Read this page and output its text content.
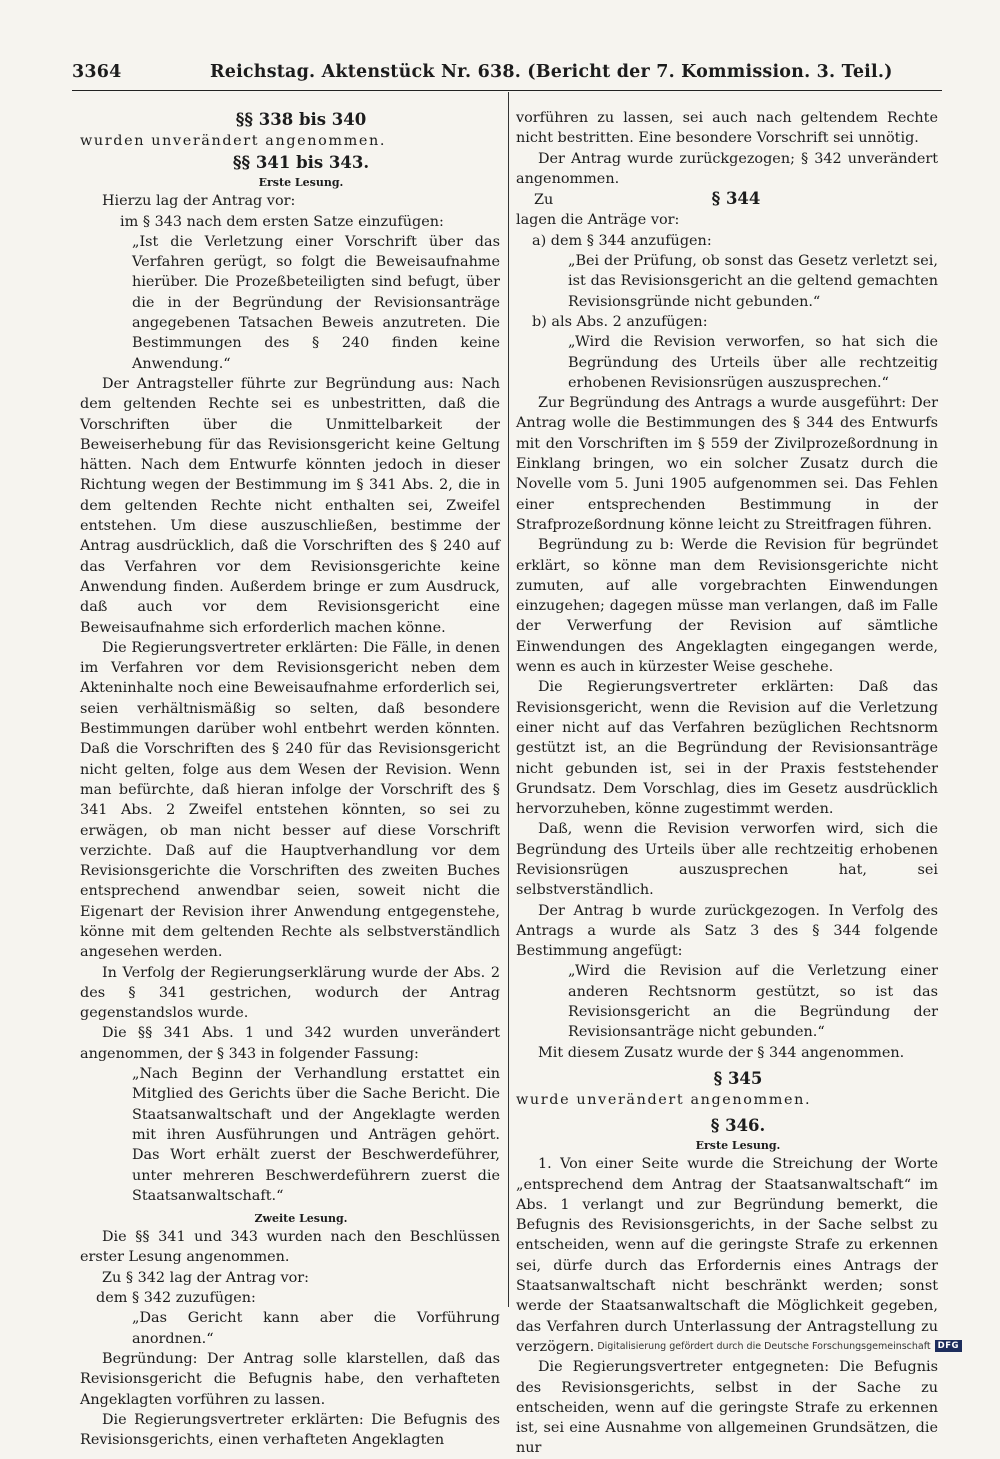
3364	Reichstag. Aktenstück Nr. 638. (Bericht der 7. Kommission. 3. Teil.)

§§ 338 bis 340

wurden unverändert angenommen.

§§ 341 bis 343.

Erste Lesung.

Hierzu lag der Antrag vor:

im § 343 nach dem ersten Satze einzufügen:

„Ist die Verletzung einer Vorschrift über das Verfahren gerügt, so folgt die Beweisaufnahme hierüber. Die Prozeßbeteiligten sind befugt, über die in der Begründung der Revisionsanträge angegebenen Tatsachen Beweis anzutreten. Die Bestimmungen des § 240 finden keine Anwendung.“

Der Antragsteller führte zur Begründung aus: Nach dem geltenden Rechte sei es unbestritten, daß die Vorschriften über die Unmittelbarkeit der Beweiserhebung für das Revisionsgericht keine Geltung hätten. Nach dem Entwurfe könnten jedoch in dieser Richtung wegen der Bestimmung im § 341 Abs. 2, die in dem geltenden Rechte nicht enthalten sei, Zweifel entstehen. Um diese auszuschließen, bestimme der Antrag ausdrücklich, daß die Vorschriften des § 240 auf das Verfahren vor dem Revisionsgerichte keine Anwendung finden. Außerdem bringe er zum Ausdruck, daß auch vor dem Revisionsgericht eine Beweisaufnahme sich erforderlich machen könne.

Die Regierungsvertreter erklärten: Die Fälle, in denen im Verfahren vor dem Revisionsgericht neben dem Akteninhalte noch eine Beweisaufnahme erforderlich sei, seien verhältnismäßig so selten, daß besondere Bestimmungen darüber wohl entbehrt werden könnten. Daß die Vorschriften des § 240 für das Revisionsgericht nicht gelten, folge aus dem Wesen der Revision. Wenn man befürchte, daß hieran infolge der Vorschrift des § 341 Abs. 2 Zweifel entstehen könnten, so sei zu erwägen, ob man nicht besser auf diese Vorschrift verzichte. Daß auf die Hauptverhandlung vor dem Revisionsgerichte die Vorschriften des zweiten Buches entsprechend anwendbar seien, soweit nicht die Eigenart der Revision ihrer Anwendung entgegenstehe, könne mit dem geltenden Rechte als selbstverständlich angesehen werden.

In Verfolg der Regierungserklärung wurde der Abs. 2 des § 341 gestrichen, wodurch der Antrag gegenstandslos wurde.

Die §§ 341 Abs. 1 und 342 wurden unverändert angenommen, der § 343 in folgender Fassung:

„Nach Beginn der Verhandlung erstattet ein Mitglied des Gerichts über die Sache Bericht. Die Staatsanwaltschaft und der Angeklagte werden mit ihren Ausführungen und Anträgen gehört. Das Wort erhält zuerst der Beschwerdeführer, unter mehreren Beschwerdeführern zuerst die Staatsanwaltschaft.“

Zweite Lesung.

Die §§ 341 und 343 wurden nach den Beschlüssen erster Lesung angenommen.

Zu § 342 lag der Antrag vor:

dem § 342 zuzufügen:

„Das Gericht kann aber die Vorführung anordnen.“

Begründung: Der Antrag solle klarstellen, daß das Revisionsgericht die Befugnis habe, den verhafteten Angeklagten vorführen zu lassen.

Die Regierungsvertreter erklärten: Die Befugnis des Revisionsgerichts, einen verhafteten Angeklagten

vorführen zu lassen, sei auch nach geltendem Rechte nicht bestritten. Eine besondere Vorschrift sei unnötig.

Der Antrag wurde zurückgezogen; § 342 unverändert angenommen.

Zu	§ 344

lagen die Anträge vor:

a) dem § 344 anzufügen:

„Bei der Prüfung, ob sonst das Gesetz verletzt sei, ist das Revisionsgericht an die geltend gemachten Revisionsgründe nicht gebunden.“

b) als Abs. 2 anzufügen:

„Wird die Revision verworfen, so hat sich die Begründung des Urteils über alle rechtzeitig erhobenen Revisionsrügen auszusprechen.“

Zur Begründung des Antrags a wurde ausgeführt: Der Antrag wolle die Bestimmungen des § 344 des Entwurfs mit den Vorschriften im § 559 der Zivilprozeßordnung in Einklang bringen, wo ein solcher Zusatz durch die Novelle vom 5. Juni 1905 aufgenommen sei. Das Fehlen einer entsprechenden Bestimmung in der Strafprozeßordnung könne leicht zu Streitfragen führen.

Begründung zu b: Werde die Revision für begründet erklärt, so könne man dem Revisionsgerichte nicht zumuten, auf alle vorgebrachten Einwendungen einzugehen; dagegen müsse man verlangen, daß im Falle der Verwerfung der Revision auf sämtliche Einwendungen des Angeklagten eingegangen werde, wenn es auch in kürzester Weise geschehe.

Die Regierungsvertreter erklärten: Daß das Revisionsgericht, wenn die Revision auf die Verletzung einer nicht auf das Verfahren bezüglichen Rechtsnorm gestützt ist, an die Begründung der Revisionsanträge nicht gebunden ist, sei in der Praxis feststehender Grundsatz. Dem Vorschlag, dies im Gesetz ausdrücklich hervorzuheben, könne zugestimmt werden.

Daß, wenn die Revision verworfen wird, sich die Begründung des Urteils über alle rechtzeitig erhobenen Revisionsrügen auszusprechen hat, sei selbstverständlich.

Der Antrag b wurde zurückgezogen. In Verfolg des Antrags a wurde als Satz 3 des § 344 folgende Bestimmung angefügt:

„Wird die Revision auf die Verletzung einer anderen Rechtsnorm gestützt, so ist das Revisionsgericht an die Begründung der Revisionsanträge nicht gebunden.“

Mit diesem Zusatz wurde der § 344 angenommen.

§ 345

wurde unverändert angenommen.

§ 346.

Erste Lesung.

1. Von einer Seite wurde die Streichung der Worte „entsprechend dem Antrag der Staatsanwaltschaft“ im Abs. 1 verlangt und zur Begründung bemerkt, die Befugnis des Revisionsgerichts, in der Sache selbst zu entscheiden, wenn auf die geringste Strafe zu erkennen sei, dürfe durch das Erfordernis eines Antrags der Staatsanwaltschaft nicht beschränkt werden; sonst werde der Staatsanwaltschaft die Möglichkeit gegeben, das Verfahren durch Unterlassung der Antragstellung zu verzögern.

Die Regierungsvertreter entgegneten: Die Befugnis des Revisionsgerichts, selbst in der Sache zu entscheiden, wenn auf die geringste Strafe zu erkennen ist, sei eine Ausnahme von allgemeinen Grundsätzen, die nur

Digitalisierung gefördert durch die Deutsche Forschungsgemeinschaft DFG
